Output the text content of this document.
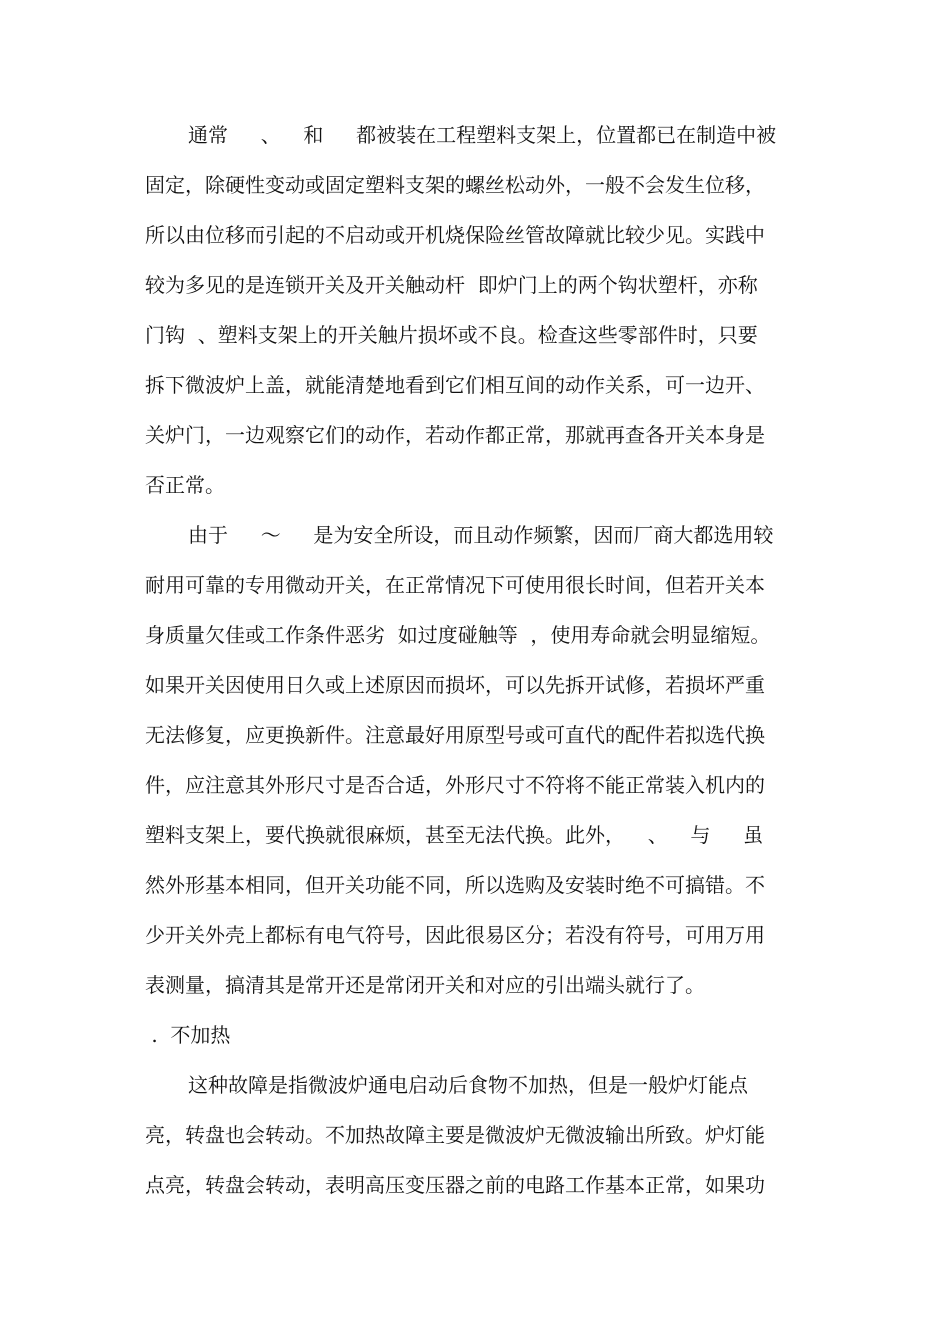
通常　  、　  和　  都被装在工程塑料支架上，位置都已在制造中被
固定，除硬性变动或固定塑料支架的螺丝松动外，一般不会发生位移，
所以由位移而引起的不启动或开机烧保险丝管故障就比较少见。实践中
较为多见的是连锁开关及开关触动杆  即炉门上的两个钩状塑杆，亦称
门钩  、塑料支架上的开关触片损坏或不良。检查这些零部件时，只要
拆下微波炉上盖，就能清楚地看到它们相互间的动作关系，可一边开、
关炉门，一边观察它们的动作，若动作都正常，那就再查各开关本身是
否正常。
由于　  ～　  是为安全所设，而且动作频繁，因而厂商大都选用较
耐用可靠的专用微动开关，在正常情况下可使用很长时间，但若开关本
身质量欠佳或工作条件恶劣  如过度碰触等  ，使用寿命就会明显缩短。
如果开关因使用日久或上述原因而损坏，可以先拆开试修，若损坏严重
无法修复，应更换新件。注意最好用原型号或可直代的配件若拟选代换
件，应注意其外形尺寸是否合适，外形尺寸不符将不能正常装入机内的
塑料支架上，要代换就很麻烦，甚至无法代换。此外，　  、　  与　  虽
然外形基本相同，但开关功能不同，所以选购及安装时绝不可搞错。不
少开关外壳上都标有电气符号，因此很易区分；若没有符号，可用万用
表测量，搞清其是常开还是常闭开关和对应的引出端头就行了。
.  不加热
这种故障是指微波炉通电启动后食物不加热，但是一般炉灯能点
亮，转盘也会转动。不加热故障主要是微波炉无微波输出所致。炉灯能
点亮，转盘会转动，表明高压变压器之前的电路工作基本正常，如果功
